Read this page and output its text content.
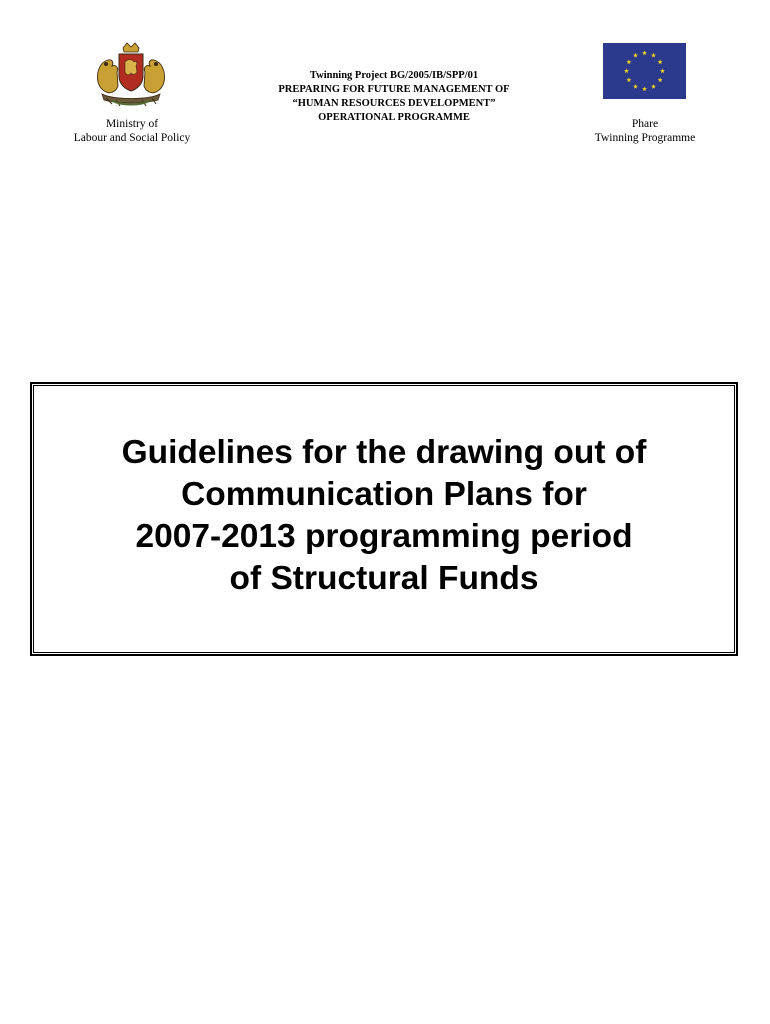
Ministry of
Labour and Social Policy
Twinning Project BG/2005/IB/SPP/01
PREPARING FOR FUTURE MANAGEMENT OF
“HUMAN RESOURCES DEVELOPMENT”
OPERATIONAL PROGRAMME
Phare
Twinning Programme
Guidelines for the drawing out of
Communication Plans for
2007-2013 programming period
of Structural Funds
